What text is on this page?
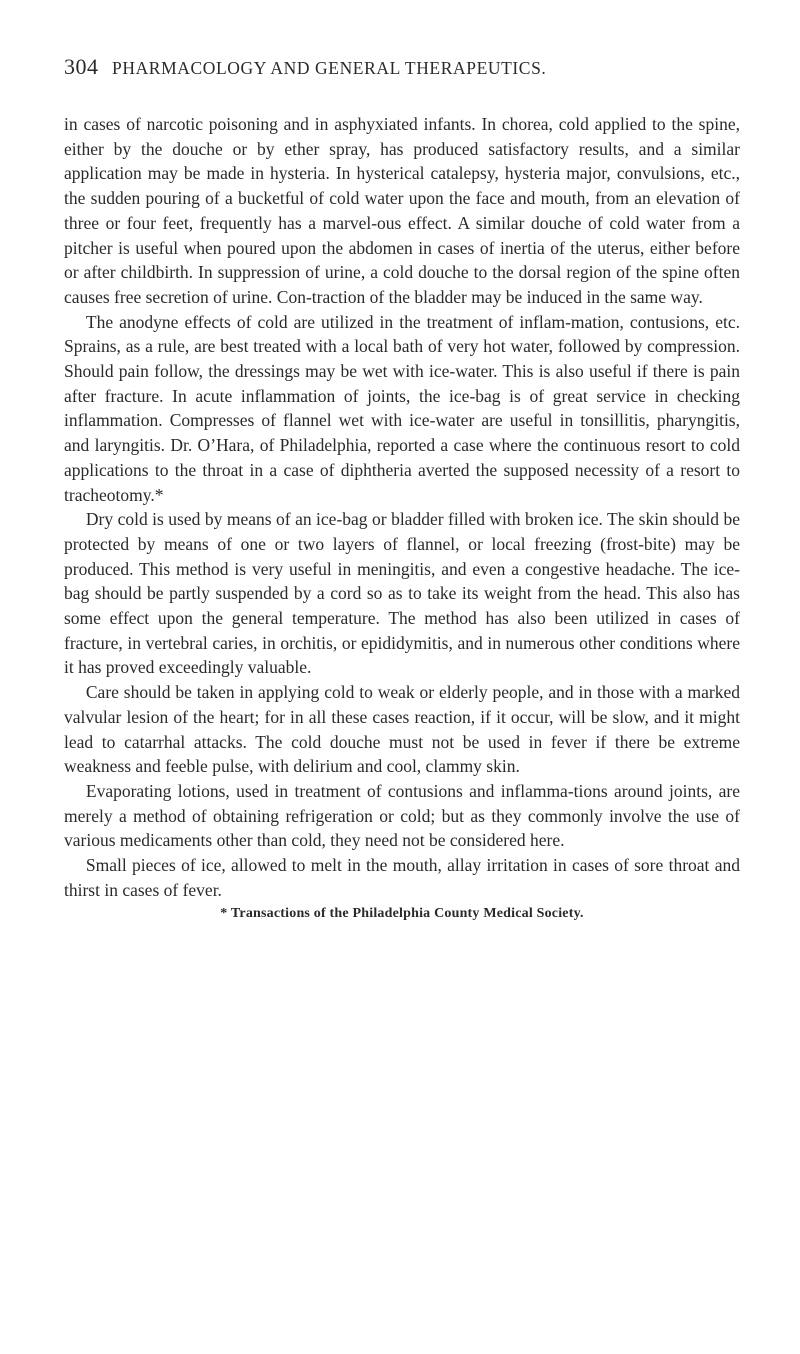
304 PHARMACOLOGY AND GENERAL THERAPEUTICS.

in cases of narcotic poisoning and in asphyxiated infants. In chorea, cold applied to the spine, either by the douche or by ether spray, has produced satisfactory results, and a similar application may be made in hysteria. In hysterical catalepsy, hysteria major, convulsions, etc., the sudden pouring of a bucketful of cold water upon the face and mouth, from an elevation of three or four feet, frequently has a marvel-ous effect. A similar douche of cold water from a pitcher is useful when poured upon the abdomen in cases of inertia of the uterus, either before or after childbirth. In suppression of urine, a cold douche to the dorsal region of the spine often causes free secretion of urine. Con-traction of the bladder may be induced in the same way.

The anodyne effects of cold are utilized in the treatment of inflam-mation, contusions, etc. Sprains, as a rule, are best treated with a local bath of very hot water, followed by compression. Should pain follow, the dressings may be wet with ice-water. This is also useful if there is pain after fracture. In acute inflammation of joints, the ice-bag is of great service in checking inflammation. Compresses of flannel wet with ice-water are useful in tonsillitis, pharyngitis, and laryngitis. Dr. O’Hara, of Philadelphia, reported a case where the continuous resort to cold applications to the throat in a case of diphtheria averted the supposed necessity of a resort to tracheotomy.*

Dry cold is used by means of an ice-bag or bladder filled with broken ice. The skin should be protected by means of one or two layers of flannel, or local freezing (frost-bite) may be produced. This method is very useful in meningitis, and even a congestive headache. The ice-bag should be partly suspended by a cord so as to take its weight from the head. This also has some effect upon the general temperature. The method has also been utilized in cases of fracture, in vertebral caries, in orchitis, or epididymitis, and in numerous other conditions where it has proved exceedingly valuable.

Care should be taken in applying cold to weak or elderly people, and in those with a marked valvular lesion of the heart; for in all these cases reaction, if it occur, will be slow, and it might lead to catarrhal attacks. The cold douche must not be used in fever if there be extreme weakness and feeble pulse, with delirium and cool, clammy skin.

Evaporating lotions, used in treatment of contusions and inflamma-tions around joints, are merely a method of obtaining refrigeration or cold; but as they commonly involve the use of various medicaments other than cold, they need not be considered here.

Small pieces of ice, allowed to melt in the mouth, allay irritation in cases of sore throat and thirst in cases of fever.

* Transactions of the Philadelphia County Medical Society.
